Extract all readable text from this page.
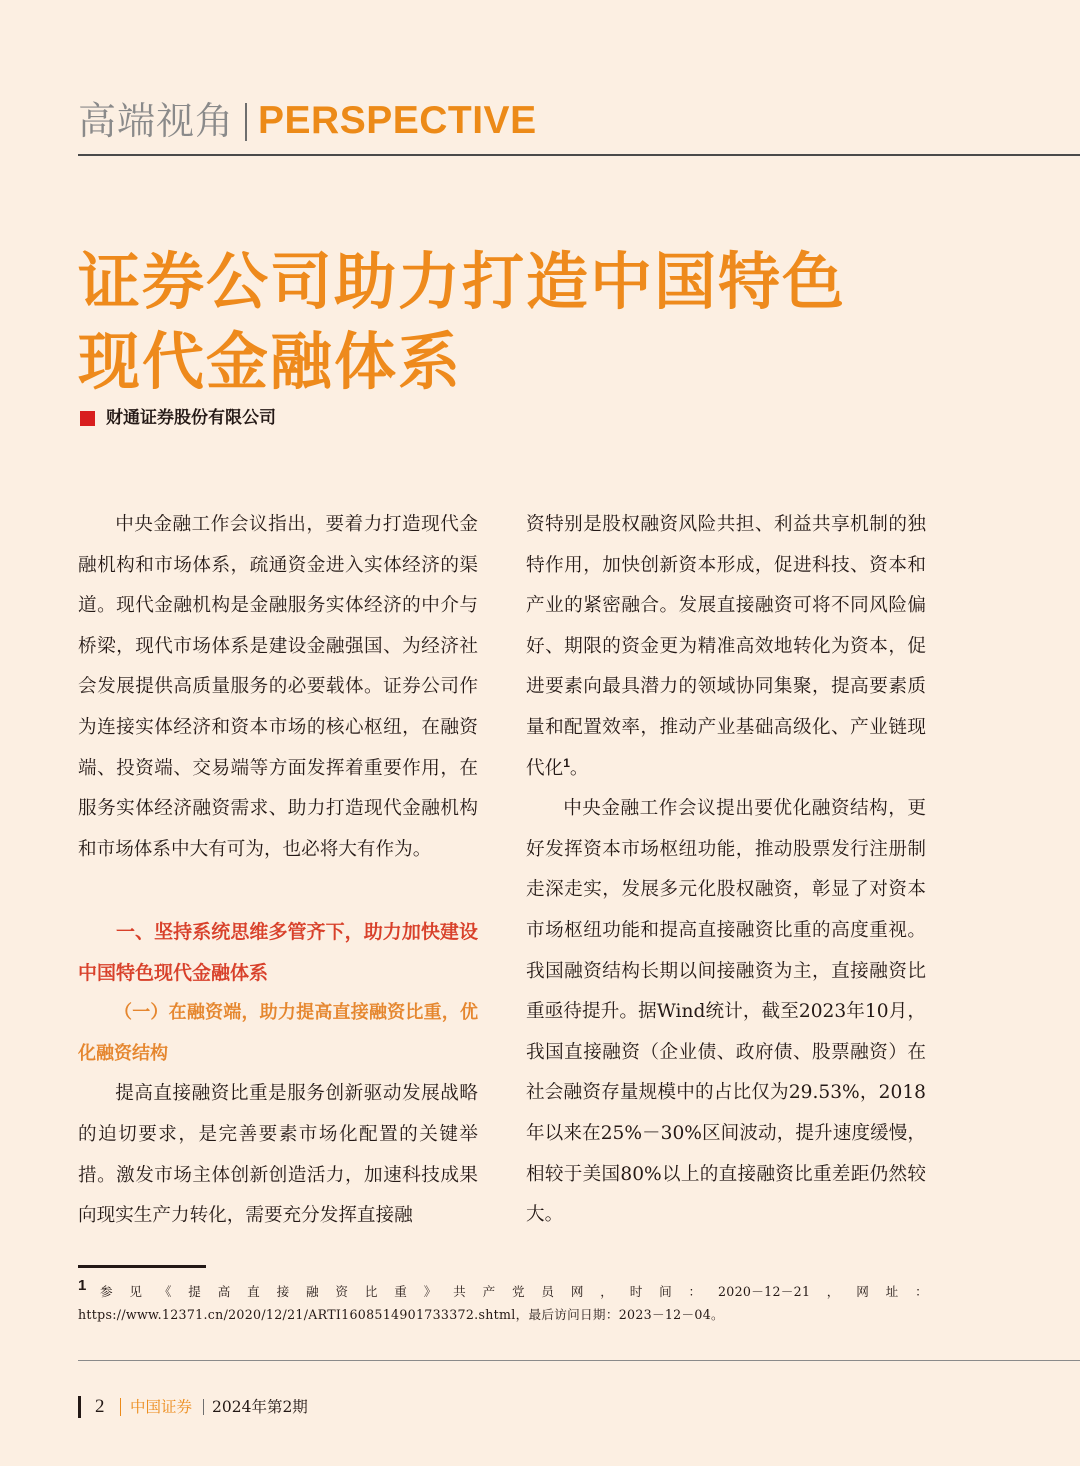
高端视角 PERSPECTIVE
证券公司助力打造中国特色
现代金融体系
财通证券股份有限公司

中央金融工作会议指出，要着力打造现代金融机构和市场体系，疏通资金进入实体经济的渠道。现代金融机构是金融服务实体经济的中介与桥梁，现代市场体系是建设金融强国、为经济社会发展提供高质量服务的必要载体。证券公司作为连接实体经济和资本市场的核心枢纽，在融资端、投资端、交易端等方面发挥着重要作用，在服务实体经济融资需求、助力打造现代金融机构和市场体系中大有可为，也必将大有作为。

一、坚持系统思维多管齐下，助力加快建设中国特色现代金融体系

（一）在融资端，助力提高直接融资比重，优化融资结构

提高直接融资比重是服务创新驱动发展战略的迫切要求，是完善要素市场化配置的关键举措。激发市场主体创新创造活力，加速科技成果向现实生产力转化，需要充分发挥直接融

资特别是股权融资风险共担、利益共享机制的独特作用，加快创新资本形成，促进科技、资本和产业的紧密融合。发展直接融资可将不同风险偏好、期限的资金更为精准高效地转化为资本，促进要素向最具潜力的领域协同集聚，提高要素质量和配置效率，推动产业基础高级化、产业链现代化$^1$。

中央金融工作会议提出要优化融资结构，更好发挥资本市场枢纽功能，推动股票发行注册制走深走实，发展多元化股权融资，彰显了对资本市场枢纽功能和提高直接融资比重的高度重视。我国融资结构长期以间接融资为主，直接融资比重亟待提升。据Wind统计，截至2023年10月，我国直接融资（企业债、政府债、股票融资）在社会融资存量规模中的占比仅为29.53%，2018年以来在25%－30%区间波动，提升速度缓慢，相较于美国80%以上的直接融资比重差距仍然较大。

1	参见《提高直接融资比重》共产党员网，时间：2020－12－21，网址：https://www.12371.cn/2020/12/21/ARTI1608514901733372.shtml，最后访问日期：2023－12－04。
2 中国证券 2024年第2期
